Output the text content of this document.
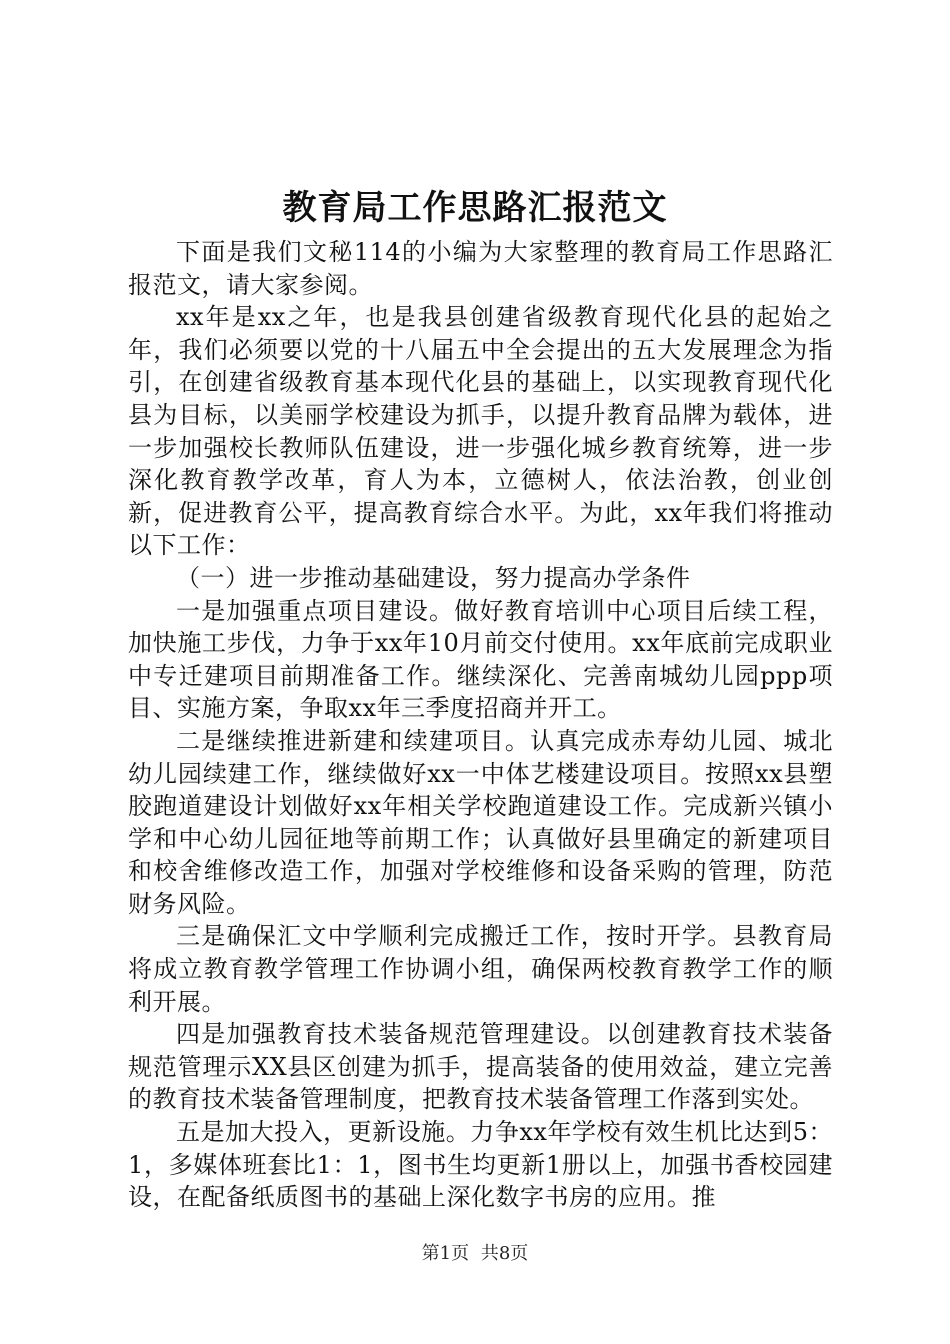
教育局工作思路汇报范文

下面是我们文秘114的小编为大家整理的教育局工作思路汇报范文，请大家参阅。

xx年是xx之年，也是我县创建省级教育现代化县的起始之年，我们必须要以党的十八届五中全会提出的五大发展理念为指引，在创建省级教育基本现代化县的基础上，以实现教育现代化县为目标，以美丽学校建设为抓手，以提升教育品牌为载体，进一步加强校长教师队伍建设，进一步强化城乡教育统筹，进一步深化教育教学改革，育人为本，立德树人，依法治教，创业创新，促进教育公平，提高教育综合水平。为此，xx年我们将推动以下工作：

（一）进一步推动基础建设，努力提高办学条件

一是加强重点项目建设。做好教育培训中心项目后续工程，加快施工步伐，力争于xx年10月前交付使用。xx年底前完成职业中专迁建项目前期准备工作。继续深化、完善南城幼儿园ppp项目、实施方案，争取xx年三季度招商并开工。

二是继续推进新建和续建项目。认真完成赤寿幼儿园、城北幼儿园续建工作，继续做好xx一中体艺楼建设项目。按照xx县塑胶跑道建设计划做好xx年相关学校跑道建设工作。完成新兴镇小学和中心幼儿园征地等前期工作；认真做好县里确定的新建项目和校舍维修改造工作，加强对学校维修和设备采购的管理，防范财务风险。

三是确保汇文中学顺利完成搬迁工作，按时开学。县教育局将成立教育教学管理工作协调小组，确保两校教育教学工作的顺利开展。

四是加强教育技术装备规范管理建设。以创建教育技术装备规范管理示XX县区创建为抓手，提高装备的使用效益，建立完善的教育技术装备管理制度，把教育技术装备管理工作落到实处。

五是加大投入，更新设施。力争xx年学校有效生机比达到5：1，多媒体班套比1：1，图书生均更新1册以上，加强书香校园建设，在配备纸质图书的基础上深化数字书房的应用。推

第1页 共8页
